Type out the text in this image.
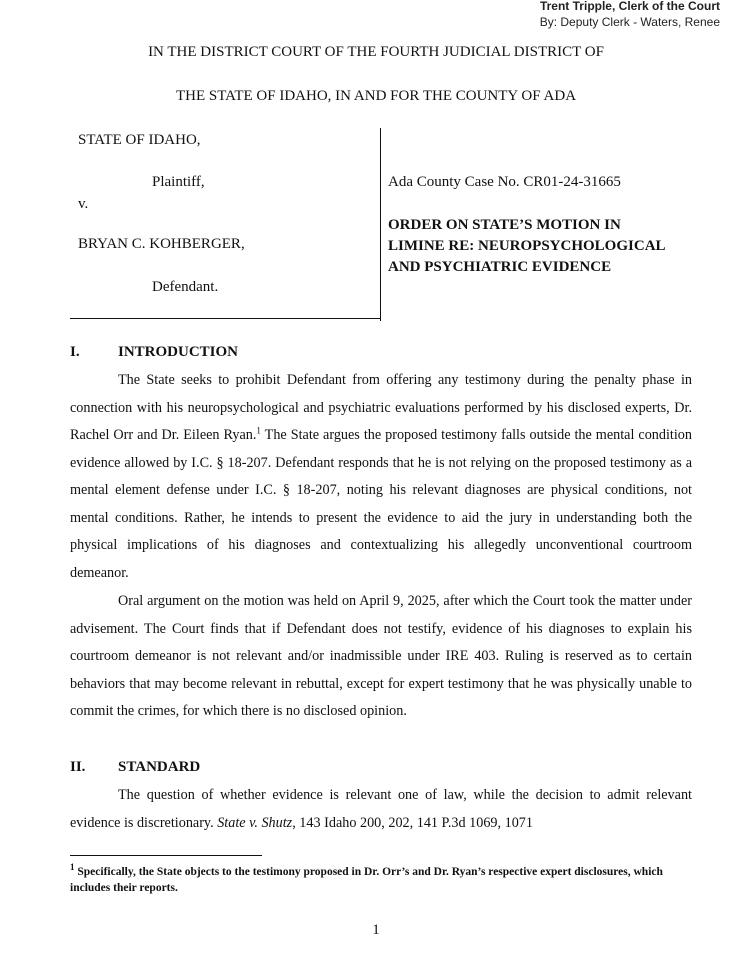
Trent Tripple, Clerk of the Court
By: Deputy Clerk - Waters, Renee
IN THE DISTRICT COURT OF THE FOURTH JUDICIAL DISTRICT OF
THE STATE OF IDAHO, IN AND FOR THE COUNTY OF ADA
STATE OF IDAHO,
Plaintiff,
v.
BRYAN C. KOHBERGER,
Defendant.
Ada County Case No. CR01-24-31665
ORDER ON STATE’S MOTION IN
LIMINE RE: NEUROPSYCHOLOGICAL
AND PSYCHIATRIC EVIDENCE
I.	INTRODUCTION
The State seeks to prohibit Defendant from offering any testimony during the penalty phase in connection with his neuropsychological and psychiatric evaluations performed by his disclosed experts, Dr. Rachel Orr and Dr. Eileen Ryan.$^1$ The State argues the proposed testimony falls outside the mental condition evidence allowed by I.C. § 18-207. Defendant responds that he is not relying on the proposed testimony as a mental element defense under I.C. § 18-207, noting his relevant diagnoses are physical conditions, not mental conditions. Rather, he intends to present the evidence to aid the jury in understanding both the physical implications of his diagnoses and contextualizing his allegedly unconventional courtroom demeanor.
Oral argument on the motion was held on April 9, 2025, after which the Court took the matter under advisement. The Court finds that if Defendant does not testify, evidence of his diagnoses to explain his courtroom demeanor is not relevant and/or inadmissible under IRE 403. Ruling is reserved as to certain behaviors that may become relevant in rebuttal, except for expert testimony that he was physically unable to commit the crimes, for which there is no disclosed opinion.
II. STANDARD
The question of whether evidence is relevant one of law, while the decision to admit relevant evidence is discretionary. State v. Shutz, 143 Idaho 200, 202, 141 P.3d 1069, 1071
$^1$ Specifically, the State objects to the testimony proposed in Dr. Orr’s and Dr. Ryan’s respective expert disclosures, which includes their reports.
1
